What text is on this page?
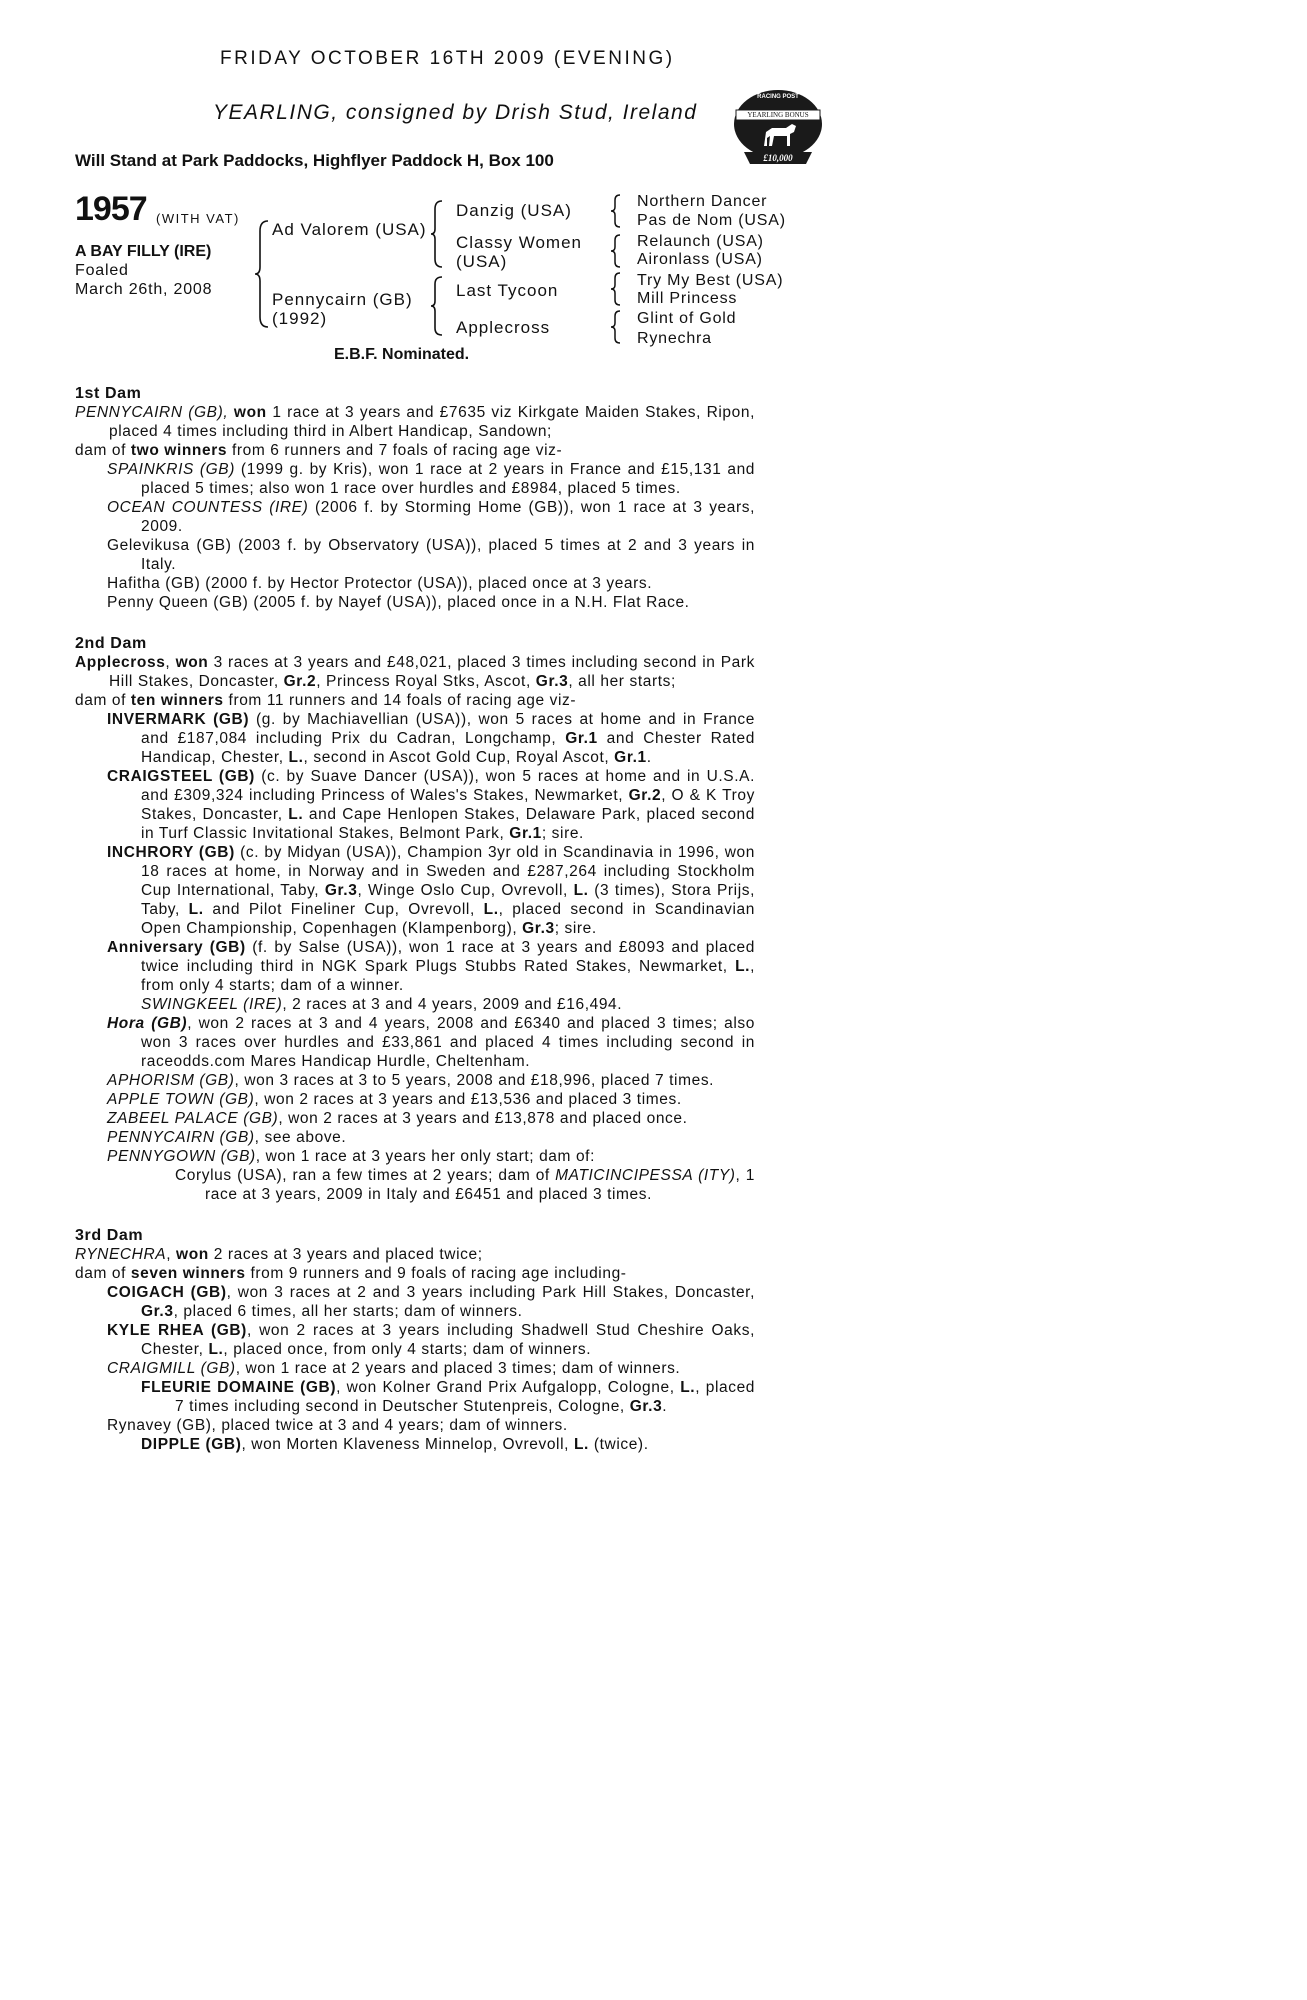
FRIDAY OCTOBER 16TH 2009 (EVENING)
YEARLING, consigned by Drish Stud, Ireland
Will Stand at Park Paddocks, Highflyer Paddock H, Box 100
RACING POST
YEARLING BONUS
£10,000
1957 (WITH VAT)
A BAY FILLY (IRE)
Foaled
March 26th, 2008
Ad Valorem (USA)
Pennycairn (GB)
(1992)
Danzig (USA)
Classy Women
(USA)
Last Tycoon
Applecross
Northern Dancer
Pas de Nom (USA)
Relaunch (USA)
Aironlass (USA)
Try My Best (USA)
Mill Princess
Glint of Gold
Rynechra
E.B.F. Nominated.
1st Dam
PENNYCAIRN (GB), won 1 race at 3 years and £7635 viz Kirkgate Maiden Stakes, Ripon, placed 4 times including third in Albert Handicap, Sandown;
dam of two winners from 6 runners and 7 foals of racing age viz-
SPAINKRIS (GB) (1999 g. by Kris), won 1 race at 2 years in France and £15,131 and placed 5 times; also won 1 race over hurdles and £8984, placed 5 times.
OCEAN COUNTESS (IRE) (2006 f. by Storming Home (GB)), won 1 race at 3 years, 2009.
Gelevikusa (GB) (2003 f. by Observatory (USA)), placed 5 times at 2 and 3 years in Italy.
Hafitha (GB) (2000 f. by Hector Protector (USA)), placed once at 3 years.
Penny Queen (GB) (2005 f. by Nayef (USA)), placed once in a N.H. Flat Race.
2nd Dam
Applecross, won 3 races at 3 years and £48,021, placed 3 times including second in Park Hill Stakes, Doncaster, Gr.2, Princess Royal Stks, Ascot, Gr.3, all her starts;
dam of ten winners from 11 runners and 14 foals of racing age viz-
INVERMARK (GB) (g. by Machiavellian (USA)), won 5 races at home and in France and £187,084 including Prix du Cadran, Longchamp, Gr.1 and Chester Rated Handicap, Chester, L., second in Ascot Gold Cup, Royal Ascot, Gr.1.
CRAIGSTEEL (GB) (c. by Suave Dancer (USA)), won 5 races at home and in U.S.A. and £309,324 including Princess of Wales's Stakes, Newmarket, Gr.2, O & K Troy Stakes, Doncaster, L. and Cape Henlopen Stakes, Delaware Park, placed second in Turf Classic Invitational Stakes, Belmont Park, Gr.1; sire.
INCHRORY (GB) (c. by Midyan (USA)), Champion 3yr old in Scandinavia in 1996, won 18 races at home, in Norway and in Sweden and £287,264 including Stockholm Cup International, Taby, Gr.3, Winge Oslo Cup, Ovrevoll, L. (3 times), Stora Prijs, Taby, L. and Pilot Fineliner Cup, Ovrevoll, L., placed second in Scandinavian Open Championship, Copenhagen (Klampenborg), Gr.3; sire.
Anniversary (GB) (f. by Salse (USA)), won 1 race at 3 years and £8093 and placed twice including third in NGK Spark Plugs Stubbs Rated Stakes, Newmarket, L., from only 4 starts; dam of a winner.
SWINGKEEL (IRE), 2 races at 3 and 4 years, 2009 and £16,494.
Hora (GB), won 2 races at 3 and 4 years, 2008 and £6340 and placed 3 times; also won 3 races over hurdles and £33,861 and placed 4 times including second in raceodds.com Mares Handicap Hurdle, Cheltenham.
APHORISM (GB), won 3 races at 3 to 5 years, 2008 and £18,996, placed 7 times.
APPLE TOWN (GB), won 2 races at 3 years and £13,536 and placed 3 times.
ZABEEL PALACE (GB), won 2 races at 3 years and £13,878 and placed once.
PENNYCAIRN (GB), see above.
PENNYGOWN (GB), won 1 race at 3 years her only start; dam of:
Corylus (USA), ran a few times at 2 years; dam of MATICINCIPESSA (ITY), 1 race at 3 years, 2009 in Italy and £6451 and placed 3 times.
3rd Dam
RYNECHRA, won 2 races at 3 years and placed twice;
dam of seven winners from 9 runners and 9 foals of racing age including-
COIGACH (GB), won 3 races at 2 and 3 years including Park Hill Stakes, Doncaster, Gr.3, placed 6 times, all her starts; dam of winners.
KYLE RHEA (GB), won 2 races at 3 years including Shadwell Stud Cheshire Oaks, Chester, L., placed once, from only 4 starts; dam of winners.
CRAIGMILL (GB), won 1 race at 2 years and placed 3 times; dam of winners.
FLEURIE DOMAINE (GB), won Kolner Grand Prix Aufgalopp, Cologne, L., placed 7 times including second in Deutscher Stutenpreis, Cologne, Gr.3.
Rynavey (GB), placed twice at 3 and 4 years; dam of winners.
DIPPLE (GB), won Morten Klaveness Minnelop, Ovrevoll, L. (twice).
